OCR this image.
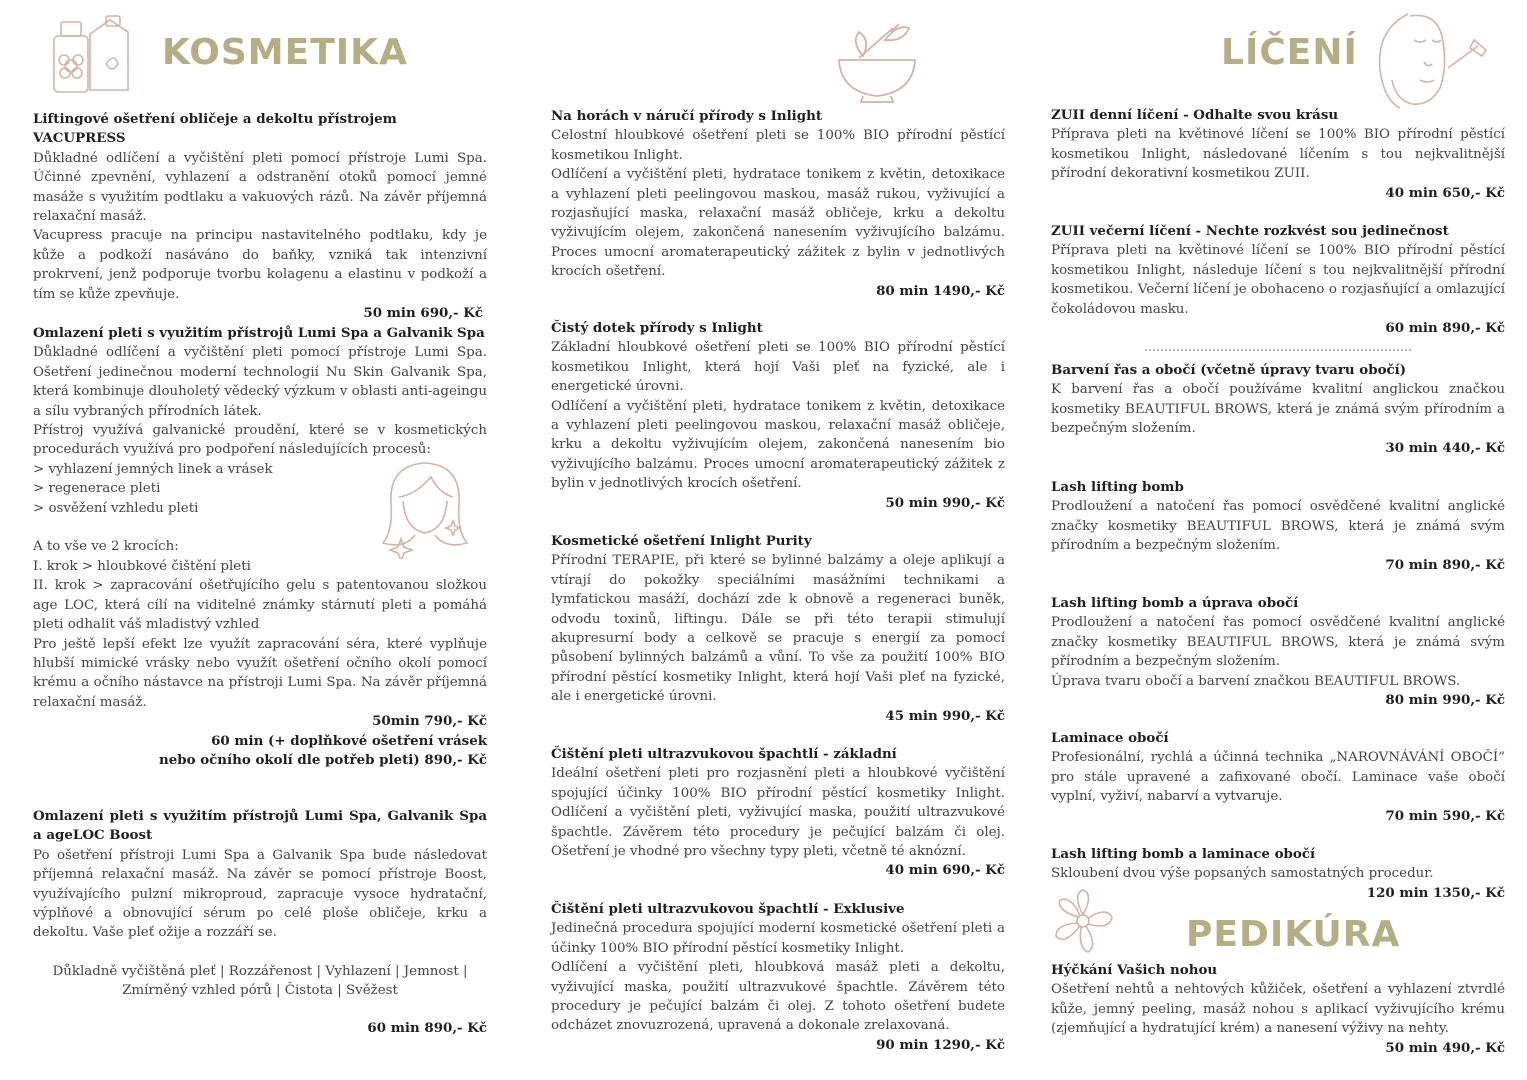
KOSMETIKA	LÍČENÍ
PEDIKÚRA
Liftingové ošetření obličeje a dekoltu přístrojem VACUPRESS

Důkladné odlíčení a vyčištění pleti pomocí přístroje Lumi Spa. Účinné zpevnění, vyhlazení a odstranění otoků pomocí jemné masáže s využitím podtlaku a vakuových rázů. Na závěr příjemná relaxační masáž.

Vacupress pracuje na principu nastavitelného podtlaku, kdy je kůže a podkoží nasáváno do baňky, vzniká tak intenzivní prokrvení, jenž podporuje tvorbu kolagenu a elastinu v podkoží a tím se kůže zpevňuje.

50 min 690,- Kč
Omlazení pleti s využitím přístrojů Lumi Spa a Galvanik Spa

Důkladné odlíčení a vyčištění pleti pomocí přístroje Lumi Spa. Ošetření jedinečnou moderní technologií Nu Skin Galvanik Spa, která kombinuje dlouholetý vědecký výzkum v oblasti anti-ageingu a sílu vybraných přírodních látek.

Přístroj využívá galvanické proudění, které se v kosmetických procedurách využívá pro podpoření následujících procesů:

> vyhlazení jemných linek a vrásek

> regenerace pleti

> osvěžení vzhledu pleti

A to vše ve 2 krocích:

I. krok > hloubkové čištění pleti

II. krok > zapracování ošetřujícího gelu s patentovanou složkou age LOC, která cílí na viditelné známky stárnutí pleti a pomáhá pleti odhalit váš mladistvý vzhled

Pro ještě lepší efekt lze využít zapracování séra, které vyplňuje hlubší mimické vrásky nebo využít ošetření očního okolí pomocí krému a očního nástavce na přístroji Lumi Spa. Na závěr příjemná relaxační masáž.

50min 790,- Kč
60 min (+ doplňkové ošetření vrásek
nebo očního okolí dle potřeb pleti) 890,- Kč
Omlazení pleti s využitím přístrojů Lumi Spa, Galvanik Spa a ageLOC Boost

Po ošetření přístroji Lumi Spa a Galvanik Spa bude následovat příjemná relaxační masáž. Na závěr se pomocí přístroje Boost, využívajícího pulzní mikroproud, zapracuje vysoce hydratační, výplňové a obnovující sérum po celé ploše obličeje, krku a dekoltu. Vaše pleť ožije a rozzáří se.

Důkladně vyčištěná pleť | Rozzářenost | Vyhlazení | Jemnost | Zmírněný vzhled pórů | Čistota | Svěžest

60 min 890,- Kč
Na horách v náručí přírody s Inlight

Celostní hloubkové ošetření pleti se 100% BIO přírodní pěstící kosmetikou Inlight.

Odlíčení a vyčištění pleti, hydratace tonikem z květin, detoxikace a vyhlazení pleti peelingovou maskou, masáž rukou, vyživující a rozjasňující maska, relaxační masáž obličeje, krku a dekoltu vyživujícím olejem, zakončená nanesením vyživujícího balzámu. Proces umocní aromaterapeutický zážitek z bylin v jednotlivých krocích ošetření.

80 min 1490,- Kč
Čistý dotek přírody s Inlight

Základní hloubkové ošetření pleti se 100% BIO přírodní pěstící kosmetikou Inlight, která hojí Vaši pleť na fyzické, ale i energetické úrovni.

Odlíčení a vyčištění pleti, hydratace tonikem z květin, detoxikace a vyhlazení pleti peelingovou maskou, relaxační masáž obličeje, krku a dekoltu vyživujícím olejem, zakončená nanesením bio vyživujícího balzámu. Proces umocní aromaterapeutický zážitek z bylin v jednotlivých krocích ošetření.

50 min 990,- Kč
Kosmetické ošetření Inlight Purity

Přírodní TERAPIE, při které se bylinné balzámy a oleje aplikují a vtírají do pokožky speciálními masážními technikami a lymfatickou masáží, dochází zde k obnově a regeneraci buněk, odvodu toxinů, liftingu. Dále se při této terapii stimulují akupresurní body a celkově se pracuje s energií za pomocí působení bylinných balzámů a vůní. To vše za použití 100% BIO přírodní pěstící kosmetiky Inlight, která hojí Vaši pleť na fyzické, ale i energetické úrovni.

45 min 990,- Kč
Čištění pleti ultrazvukovou špachtlí - základní

Ideální ošetření pleti pro rozjasnění pleti a hloubkové vyčištění spojující účinky 100% BIO přírodní pěstící kosmetiky Inlight. Odlíčení a vyčištění pleti, vyživující maska, použití ultrazvukové špachtle. Závěrem této procedury je pečující balzám či olej. Ošetření je vhodné pro všechny typy pleti, včetně té aknózní.

40 min 690,- Kč
Čištění pleti ultrazvukovou špachtlí - Exklusive

Jedinečná procedura spojující moderní kosmetické ošetření pleti a účinky 100% BIO přírodní pěstící kosmetiky Inlight.

Odlíčení a vyčištění pleti, hloubková masáž pleti a dekoltu, vyživující maska, použití ultrazvukové špachtle. Závěrem této procedury je pečující balzám či olej. Z tohoto ošetření budete odcházet znovuzrozená, upravená a dokonale zrelaxovaná.

90 min 1290,- Kč
ZUII denní líčení - Odhalte svou krásu

Příprava pleti na květinové líčení se 100% BIO přírodní pěstící kosmetikou Inlight, následované líčením s tou nejkvalitnější přírodní dekorativní kosmetikou ZUII.

40 min 650,- Kč
ZUII večerní líčení - Nechte rozkvést sou jedinečnost

Příprava pleti na květinové líčení se 100% BIO přírodní pěstící kosmetikou Inlight, následuje líčení s tou nejkvalitnější přírodní kosmetikou. Večerní líčení je obohaceno o rozjasňující a omlazující čokoládovou masku.

60 min 890,- Kč
Barvení řas a obočí (včetně úpravy tvaru obočí)

K barvení řas a obočí používáme kvalitní anglickou značkou kosmetiky BEAUTIFUL BROWS, která je známá svým přírodním a bezpečným složením.

30 min 440,- Kč
Lash lifting bomb

Prodloužení a natočení řas pomocí osvědčené kvalitní anglické značky kosmetiky BEAUTIFUL BROWS, která je známá svým přírodním a bezpečným složením.

70 min 890,- Kč
Lash lifting bomb a úprava obočí

Prodloužení a natočení řas pomocí osvědčené kvalitní anglické značky kosmetiky BEAUTIFUL BROWS, která je známá svým přírodním a bezpečným složením.

Úprava tvaru obočí a barvení značkou BEAUTIFUL BROWS.

80 min 990,- Kč
Laminace obočí

Profesionální, rychlá a účinná technika „NAROVNÁVÁNÍ OBOČÍ“ pro stále upravené a zafixované obočí. Laminace vaše obočí vyplní, vyživí, nabarví a vytvaruje.

70 min 590,- Kč
Lash lifting bomb a laminace obočí

Skloubení dvou výše popsaných samostatných procedur.

120 min 1350,- Kč
Hýčkání Vašich nohou

Ošetření nehtů a nehtových kůžiček, ošetření a vyhlazení ztvrdlé kůže, jemný peeling, masáž nohou s aplikací vyživujícího krému (zjemňující a hydratující krém) a nanesení výživy na nehty.

50 min 490,- Kč
